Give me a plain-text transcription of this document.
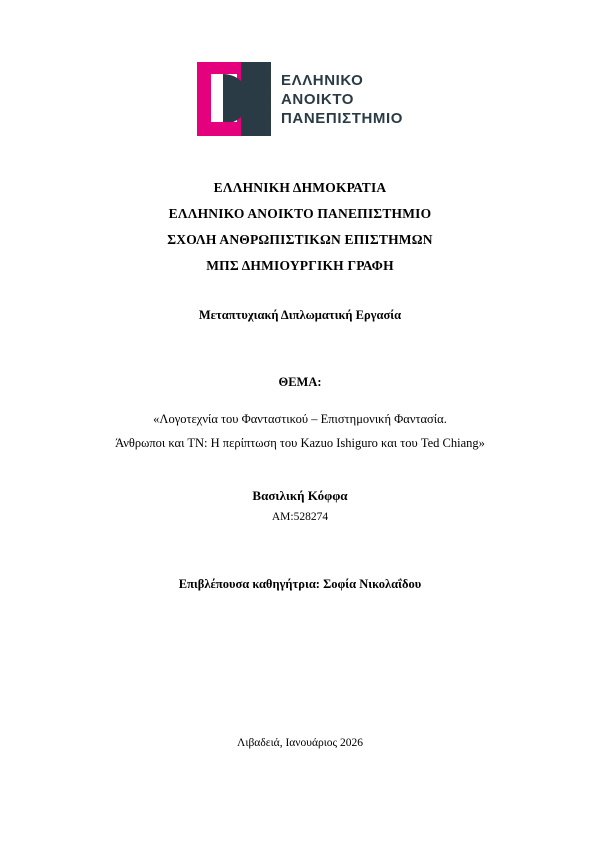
ΕΛΛΗΝΙΚΟ
ΑΝΟΙΚΤΟ
ΠΑΝΕΠΙΣΤΗΜΙΟ
ΕΛΛΗΝΙΚΗ ΔΗΜΟΚΡΑΤΙΑ
ΕΛΛΗΝΙΚΟ ΑΝΟΙΚΤΟ ΠΑΝΕΠΙΣΤΗΜΙΟ
ΣΧΟΛΗ ΑΝΘΡΩΠΙΣΤΙΚΩΝ ΕΠΙΣΤΗΜΩΝ
ΜΠΣ ΔΗΜΙΟΥΡΓΙΚΗ ΓΡΑΦΗ
Μεταπτυχιακή Διπλωματική Εργασία
ΘΕΜΑ:
«Λογοτεχνία του Φανταστικού – Επιστημονική Φαντασία.
Άνθρωποι και ΤΝ: Η περίπτωση του Kazuo Ishiguro και του Ted Chiang»
Βασιλική Κόφφα
ΑΜ:528274
Επιβλέπουσα καθηγήτρια: Σοφία Νικολαΐδου
Λιβαδειά, Ιανουάριος 2026
